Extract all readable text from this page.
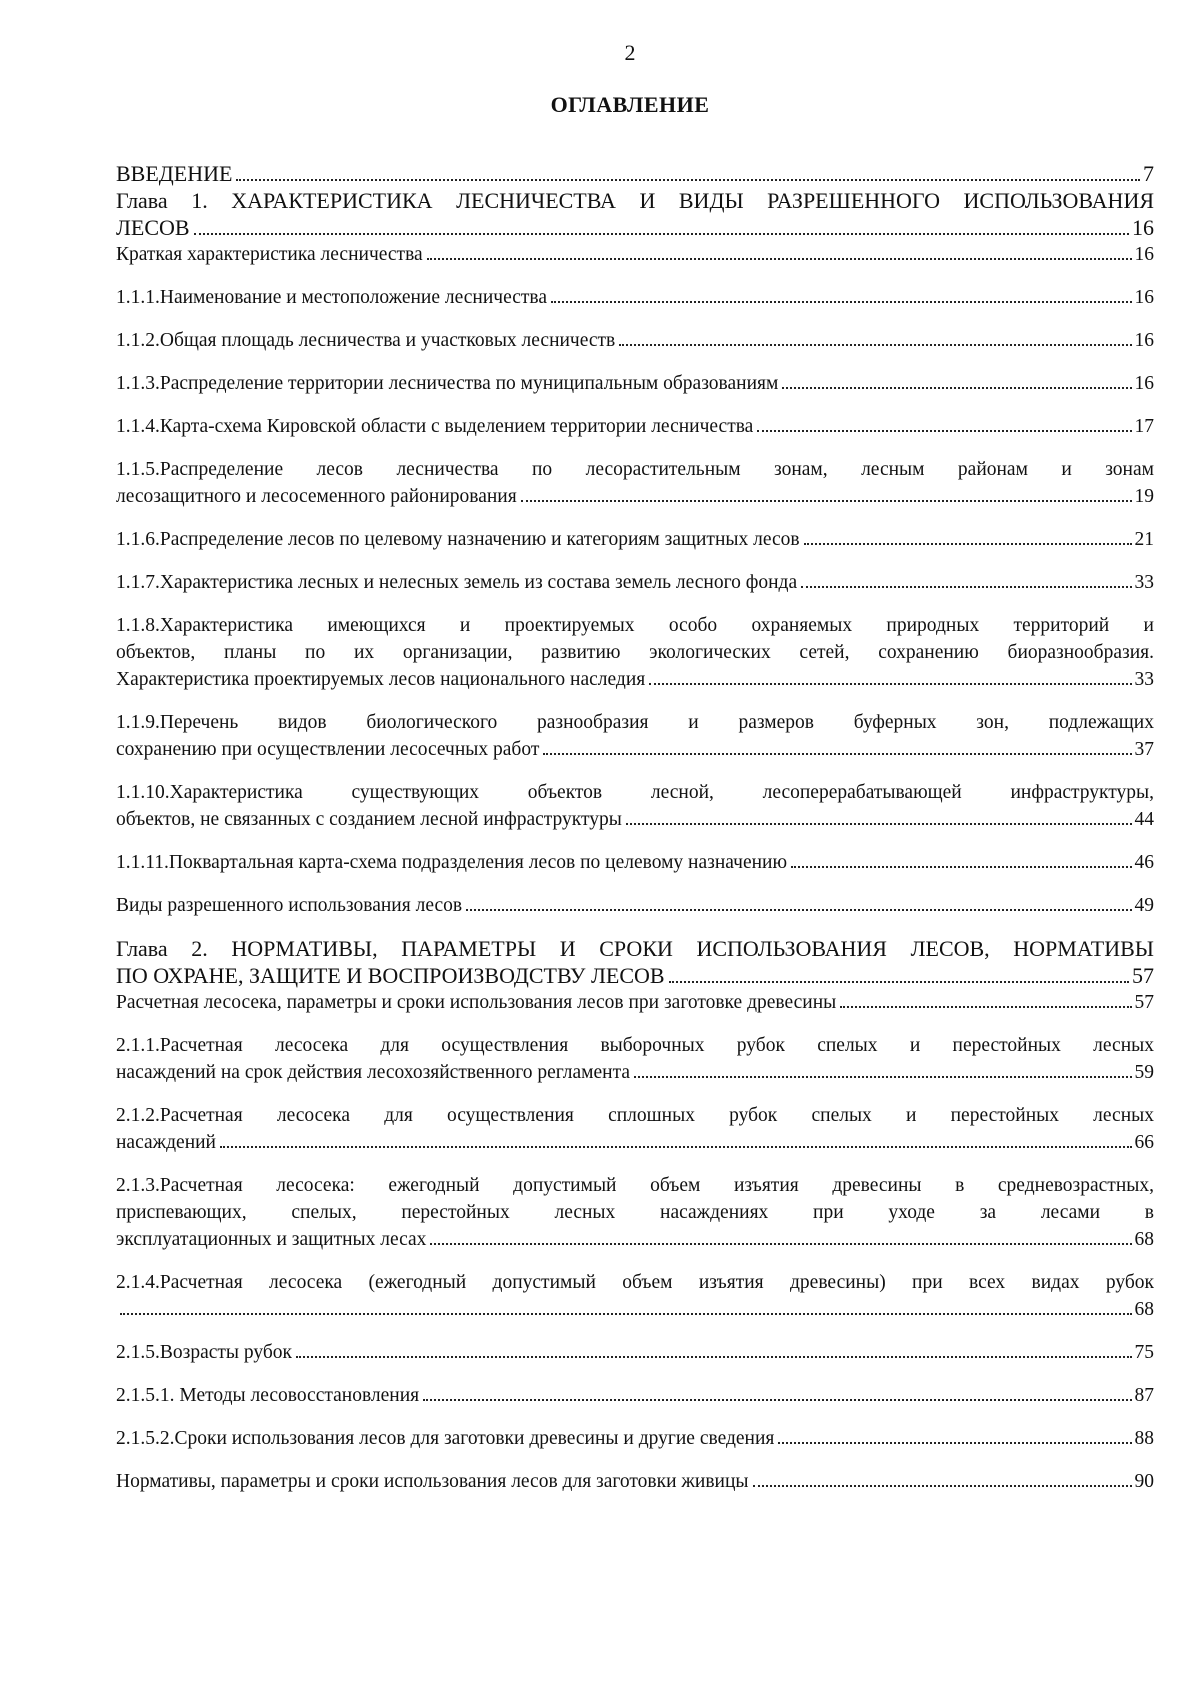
2
ОГЛАВЛЕНИЕ
ВВЕДЕНИЕ	7
Глава 1. ХАРАКТЕРИСТИКА ЛЕСНИЧЕСТВА И ВИДЫ РАЗРЕШЕННОГО ИСПОЛЬЗОВАНИЯ
ЛЕСОВ	16
Краткая характеристика лесничества	16
1.1.1.Наименование и местоположение лесничества	16
1.1.2.Общая площадь лесничества и участковых лесничеств	16
1.1.3.Распределение территории лесничества по муниципальным образованиям	16
1.1.4.Карта-схема Кировской области с выделением территории лесничества	17
1.1.5.Распределение лесов лесничества по лесорастительным зонам, лесным районам и зонам
лесозащитного и лесосеменного районирования	19
1.1.6.Распределение лесов по целевому назначению и категориям защитных лесов	21
1.1.7.Характеристика лесных и нелесных земель из состава земель лесного фонда	33
1.1.8.Характеристика имеющихся и проектируемых особо охраняемых природных территорий и
объектов, планы по их организации, развитию экологических сетей, сохранению биоразнообразия.
Характеристика проектируемых лесов национального наследия	33
1.1.9.Перечень видов биологического разнообразия и размеров буферных зон, подлежащих
сохранению при осуществлении лесосечных работ	37
1.1.10.Характеристика существующих объектов лесной, лесоперерабатывающей инфраструктуры,
объектов, не связанных с созданием лесной инфраструктуры	44
1.1.11.Поквартальная карта-схема подразделения лесов по целевому назначению	46
Виды разрешенного использования лесов	49
Глава 2. НОРМАТИВЫ, ПАРАМЕТРЫ И СРОКИ ИСПОЛЬЗОВАНИЯ ЛЕСОВ, НОРМАТИВЫ
ПО ОХРАНЕ, ЗАЩИТЕ И ВОСПРОИЗВОДСТВУ ЛЕСОВ	57
Расчетная лесосека, параметры и сроки использования лесов при заготовке древесины	57
2.1.1.Расчетная лесосека для осуществления выборочных рубок спелых и перестойных лесных
насаждений на срок действия лесохозяйственного регламента	59
2.1.2.Расчетная лесосека для осуществления сплошных рубок спелых и перестойных лесных
насаждений	66
2.1.3.Расчетная лесосека: ежегодный допустимый объем изъятия древесины в средневозрастных,
приспевающих, спелых, перестойных лесных насаждениях при уходе за лесами в
эксплуатационных и защитных лесах	68
2.1.4.Расчетная лесосека (ежегодный допустимый объем изъятия древесины) при всех видах рубок
68
2.1.5.Возрасты рубок	75
2.1.5.1. Методы лесовосстановления	87
2.1.5.2.Сроки использования лесов для заготовки древесины и другие сведения	88
Нормативы, параметры и сроки использования лесов для заготовки живицы	90
